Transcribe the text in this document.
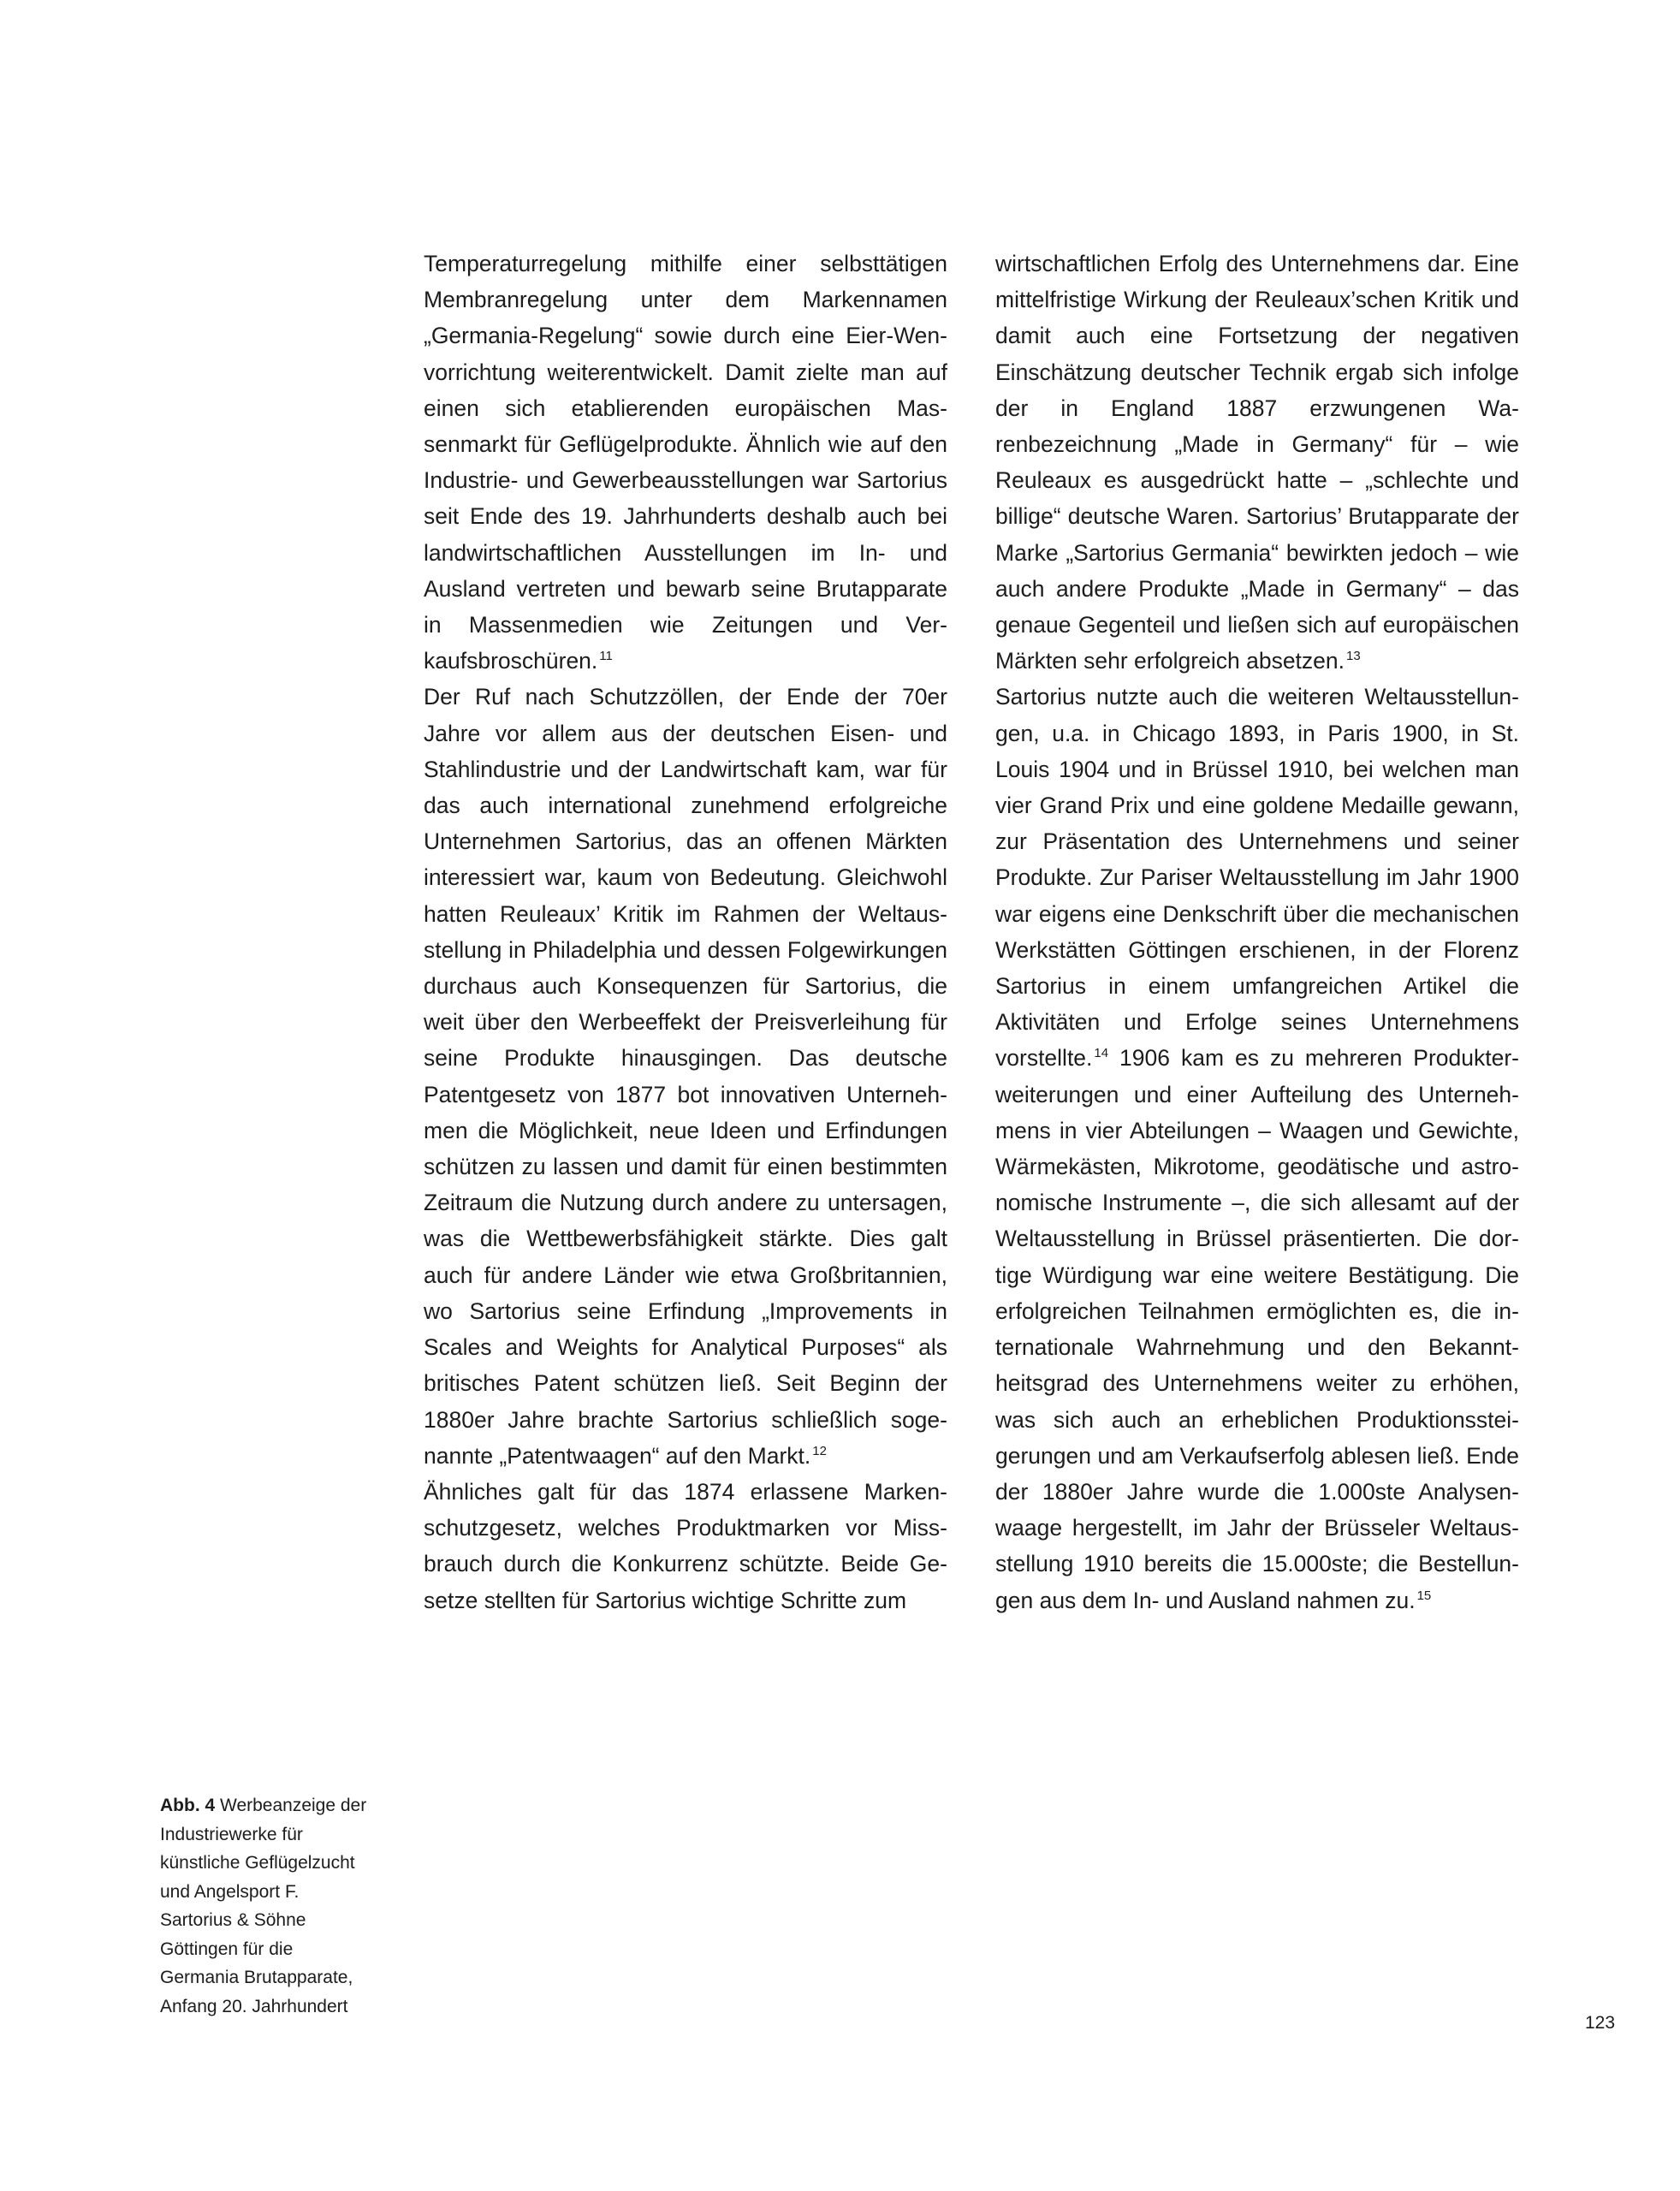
Temperaturregelung mithilfe einer selbsttätigen Membranregelung unter dem Markennamen „Germania-Regelung“ sowie durch eine Eier-Wenvorrichtung weiterentwickelt. Damit zielte man auf einen sich etablierenden europäischen Massenmarkt für Geflügelprodukte. Ähnlich wie auf den Industrie- und Gewerbeausstellungen war Sartorius seit Ende des 19. Jahrhunderts deshalb auch bei landwirtschaftlichen Ausstellungen im In- und Ausland vertreten und bewarb seine Brutapparate in Massenmedien wie Zeitungen und Verkaufsbroschüren. $^{11}$

Der Ruf nach Schutzzöllen, der Ende der 70er Jahre vor allem aus der deutschen Eisen- und Stahlindustrie und der Landwirtschaft kam, war für das auch international zunehmend erfolgreiche Unternehmen Sartorius, das an offenen Märkten interessiert war, kaum von Bedeutung. Gleichwohl hatten Reuleaux’ Kritik im Rahmen der Weltausstellung in Philadelphia und dessen Folgewirkungen durchaus auch Konsequenzen für Sartorius, die weit über den Werbeeffekt der Preisverleihung für seine Produkte hinausgingen. Das deutsche Patentgesetz von 1877 bot innovativen Unternehmen die Möglichkeit, neue Ideen und Erfindungen schützen zu lassen und damit für einen bestimmten Zeitraum die Nutzung durch andere zu untersagen, was die Wettbewerbsfähigkeit stärkte. Dies galt auch für andere Länder wie etwa Großbritannien, wo Sartorius seine Erfindung „Improvements in Scales and Weights for Analytical Purposes“ als britisches Patent schützen ließ. Seit Beginn der 1880er Jahre brachte Sartorius schließlich sogenannte „Patentwaagen“ auf den Markt. $^{12}$

Ähnliches galt für das 1874 erlassene Markenschutzgesetz, welches Produktmarken vor Missbrauch durch die Konkurrenz schützte. Beide Gesetze stellten für Sartorius wichtige Schritte zum

wirtschaftlichen Erfolg des Unternehmens dar. Eine mittelfristige Wirkung der Reuleaux’schen Kritik und damit auch eine Fortsetzung der negativen Einschätzung deutscher Technik ergab sich infolge der in England 1887 erzwungenen Warenbezeichnung „Made in Germany“ für – wie Reuleaux es ausgedrückt hatte – „schlechte und billige“ deutsche Waren. Sartorius’ Brutapparate der Marke „Sartorius Germania“ bewirkten jedoch – wie auch andere Produkte „Made in Germany“ – das genaue Gegenteil und ließen sich auf europäischen Märkten sehr erfolgreich absetzen. $^{13}$

Sartorius nutzte auch die weiteren Weltausstellungen, u.a. in Chicago 1893, in Paris 1900, in St. Louis 1904 und in Brüssel 1910, bei welchen man vier Grand Prix und eine goldene Medaille gewann, zur Präsentation des Unternehmens und seiner Produkte. Zur Pariser Weltausstellung im Jahr 1900 war eigens eine Denkschrift über die mechanischen Werkstätten Göttingen erschienen, in der Florenz Sartorius in einem umfangreichen Artikel die Aktivitäten und Erfolge seines Unternehmens vorstellte. $^{14}$ 1906 kam es zu mehreren Produkterweiterungen und einer Aufteilung des Unternehmens in vier Abteilungen – Waagen und Gewichte, Wärmekästen, Mikrotome, geodätische und astronomische Instrumente –, die sich allesamt auf der Weltausstellung in Brüssel präsentierten. Die dortige Würdigung war eine weitere Bestätigung. Die erfolgreichen Teilnahmen ermöglichten es, die internationale Wahrnehmung und den Bekanntheitsgrad des Unternehmens weiter zu erhöhen, was sich auch an erheblichen Produktionssteigerungen und am Verkaufserfolg ablesen ließ. Ende der 1880er Jahre wurde die 1.000ste Analysenwaage hergestellt, im Jahr der Brüsseler Weltausstellung 1910 bereits die 15.000ste; die Bestellungen aus dem In- und Ausland nahmen zu. $^{15}$

Abb. 4 Werbeanzeige der Industriewerke für künstliche Geflügelzucht und Angelsport F. Sartorius & Söhne Göttingen für die Germania Brutapparate, Anfang 20. Jahrhundert

123
